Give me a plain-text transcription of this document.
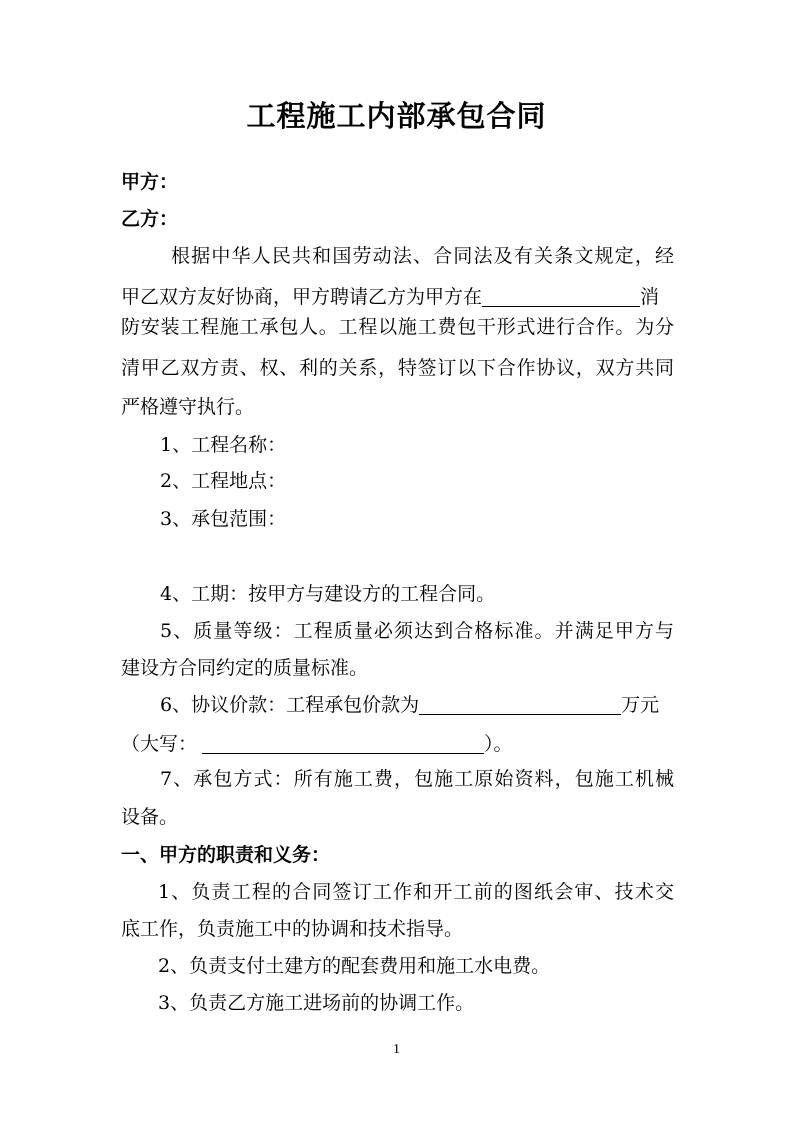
工程施工内部承包合同

甲方：

乙方：

根据中华人民共和国劳动法、合同法及有关条文规定，经

甲乙双方友好协商，甲方聘请乙方为甲方在	消

防安装工程施工承包人。工程以施工费包干形式进行合作。为分

清甲乙双方责、权、利的关系，特签订以下合作协议，双方共同

严格遵守执行。

1、工程名称：

2、工程地点：

3、承包范围：

4、工期：按甲方与建设方的工程合同。

5、质量等级：工程质量必须达到合格标准。并满足甲方与

建设方合同约定的质量标准。

6、协议价款：工程承包价款为	万元

（大写：	）。

7、承包方式：所有施工费，包施工原始资料，包施工机械

设备。

一、甲方的职责和义务：

1、负责工程的合同签订工作和开工前的图纸会审、技术交

底工作，负责施工中的协调和技术指导。

2、负责支付土建方的配套费用和施工水电费。

3、负责乙方施工进场前的协调工作。

1
